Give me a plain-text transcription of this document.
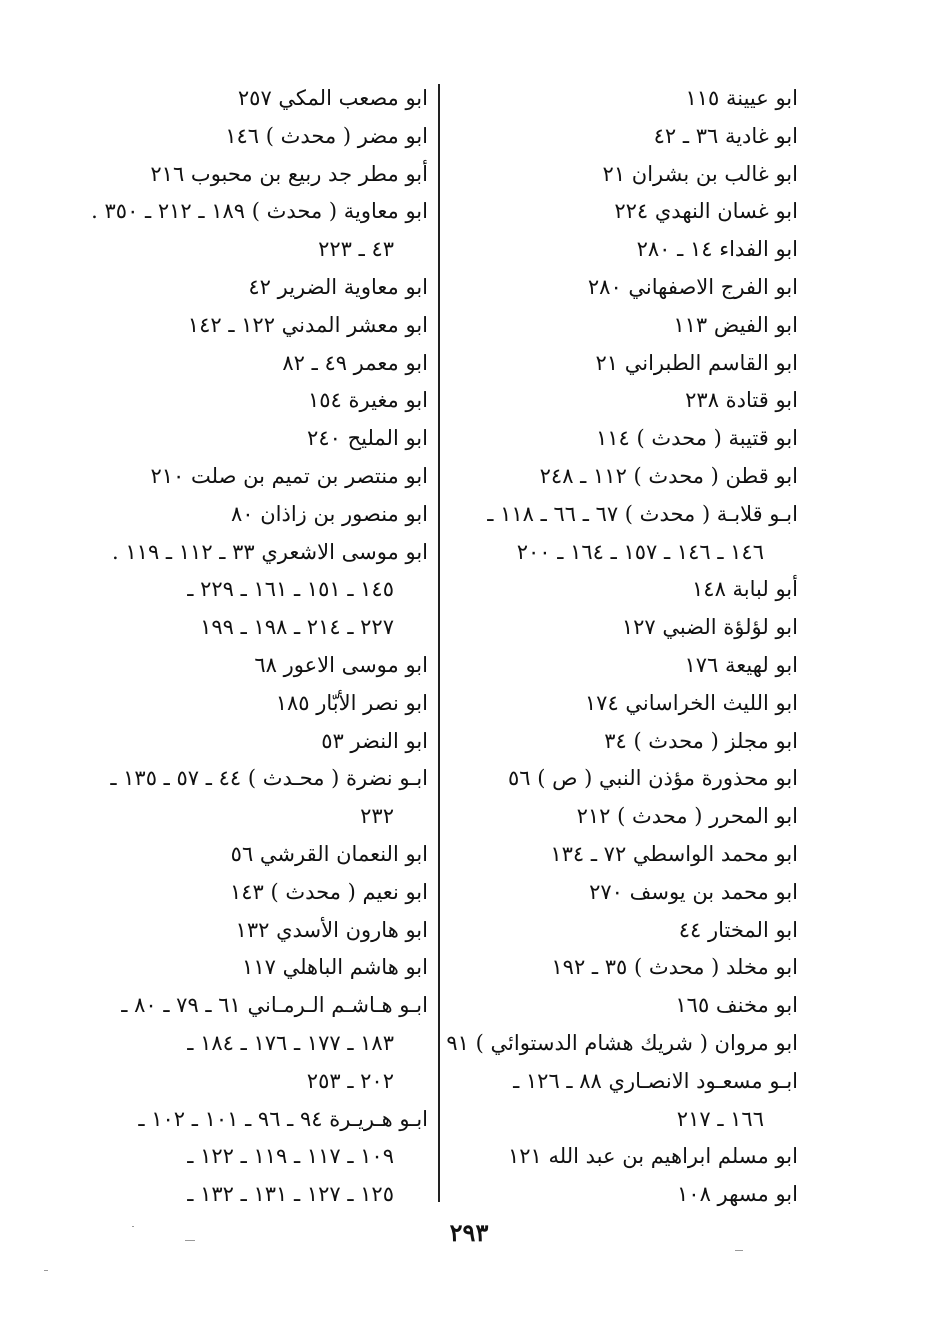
ابو عيينة ١١٥
ابو غادية ٣٦ ـ ٤٢
ابو غالب بن بشران ٢١
ابو غسان النهدي ٢٢٤
ابو الفداء ١٤ ـ ٢٨٠
ابو الفرج الاصفهاني ٢٨٠
ابو الفيض ١١٣
ابو القاسم الطبراني ٢١
ابو قتادة ٢٣٨
ابو قتيبة ( محدث ) ١١٤
ابو قطن ( محدث ) ١١٢ ـ ٢٤٨
ابـو قلابـة ( محدث ) ٦٧ ـ ٦٦ ـ ١١٨ ـ
١٤٦ ـ ١٤٦ ـ ١٥٧ ـ ١٦٤ ـ ٢٠٠
أبو لبابة ١٤٨
ابو لؤلؤة الضبي ١٢٧
ابو لهيعة ١٧٦
ابو الليث الخراساني ١٧٤
ابو مجلز ( محدث ) ٣٤
ابو محذورة مؤذن النبي ( ص ) ٥٦
ابو المحرر ( محدث ) ٢١٢
ابو محمد الواسطي ٧٢ ـ ١٣٤
ابو محمد بن يوسف ٢٧٠
ابو المختار ٤٤
ابو مخلد ( محدث ) ٣٥ ـ ١٩٢
ابو مخنف ١٦٥
ابو مروان ( شريك هشام الدستوائي ) ٩١
ابـو مسعـود الانصـاري ٨٨ ـ ١٢٦ ـ
١٦٦ ـ ٢١٧
ابو مسلم ابراهيم بن عبد الله ١٢١
ابو مسهر ١٠٨
ابو مصعب المكي ٢٥٧
ابو مضر ( محدث ) ١٤٦
أبو مطر جد ربيع بن محبوب ٢١٦
ابو معاوية ( محدث ) ١٨٩ ـ ٢١٢ ـ ٣٥٠ .
٤٣ ـ ٢٢٣
ابو معاوية الضرير ٤٢
ابو معشر المدني ١٢٢ ـ ١٤٢
ابو معمر ٤٩ ـ ٨٢
ابو مغيرة ١٥٤
ابو المليح ٢٤٠
ابو منتصر بن تميم بن صلت ٢١٠
ابو منصور بن زاذان ٨٠
ابو موسى الاشعري ٣٣ ـ ١١٢ ـ ١١٩ .
١٤٥ ـ ١٥١ ـ ١٦١ ـ ٢٢٩ ـ
٢٢٧ ـ ٢١٤ ـ ١٩٨ ـ ١٩٩
ابو موسى الاعور ٦٨
ابو نصر الأبّار ١٨٥
ابو النضر ٥٣
ابـو نضرة ( محـدث ) ٤٤ ـ ٥٧ ـ ١٣٥ ـ
٢٣٢
ابو النعمان القرشي ٥٦
ابو نعيم ( محدث ) ١٤٣
ابو هارون الأسدي ١٣٢
ابو هاشم الباهلي ١١٧
ابـو هـاشـم الـرمـاني ٦١ ـ ٧٩ ـ ٨٠ ـ
١٨٣ ـ ١٧٧ ـ ١٧٦ ـ ١٨٤ ـ
٢٠٢ ـ ٢٥٣
ابـو هـريـرة ٩٤ ـ ٩٦ ـ ١٠١ ـ ١٠٢ ـ
١٠٩ ـ ١١٧ ـ ١١٩ ـ ١٢٢ ـ
١٢٥ ـ ١٢٧ ـ ١٣١ ـ ١٣٢ ـ
٢٩٣
